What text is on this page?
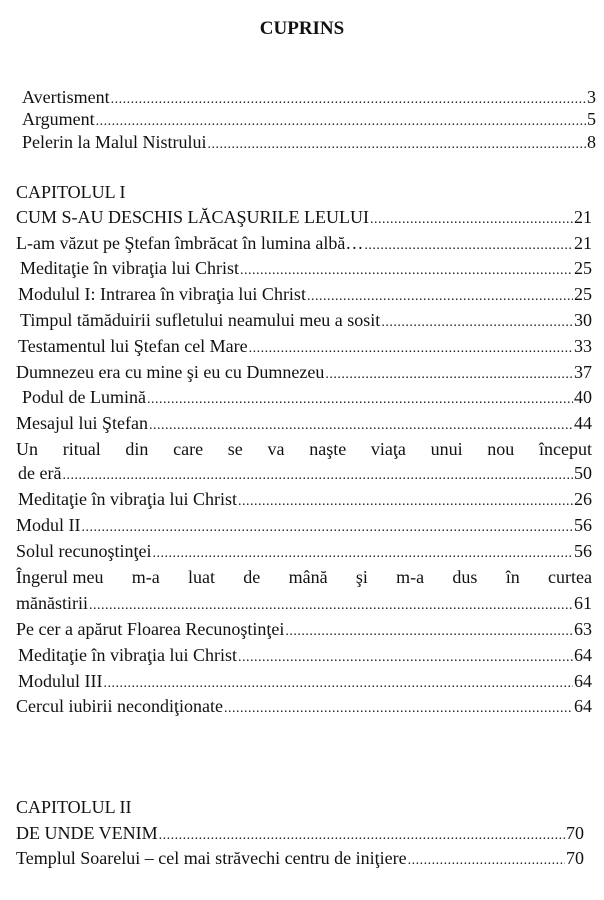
CUPRINS
Avertisment .....	3
Argument .....	5
Pelerin la Malul Nistrului .....	8
CAPITOLUL I
CUM S-AU DESCHIS LĂCAŞURILE LEULUI .....	21
L-am văzut pe Ştefan îmbrăcat în lumina albă… .....	21
Meditaţie în vibraţia lui Christ .....	25
Modulul I: Intrarea în vibraţia lui Christ .....	25
Timpul tămăduirii sufletului neamului meu a sosit .....	30
Testamentul lui Ştefan cel Mare .....	33
Dumnezeu era cu mine şi eu cu Dumnezeu .....	37
Podul de Lumină .....	40
Mesajul lui Ştefan .....	44
Un ritual din care se va naşte viaţa unui nou început
de eră .....	50
Meditaţie în vibraţia lui Christ .....	26
Modul II .....	56
Solul recunoştinţei .....	56
Îngerul meu m-a luat de mână şi m-a dus în curtea
mănăstirii .....	61
Pe cer a apărut Floarea Recunoştinţei .....	63
Meditaţie în vibraţia lui Christ .....	64
Modulul III .....	64
Cercul iubirii necondiţionate .....	64
CAPITOLUL II
DE UNDE VENIM .....	70
Templul Soarelui – cel mai străvechi centru de iniţiere .....	70
